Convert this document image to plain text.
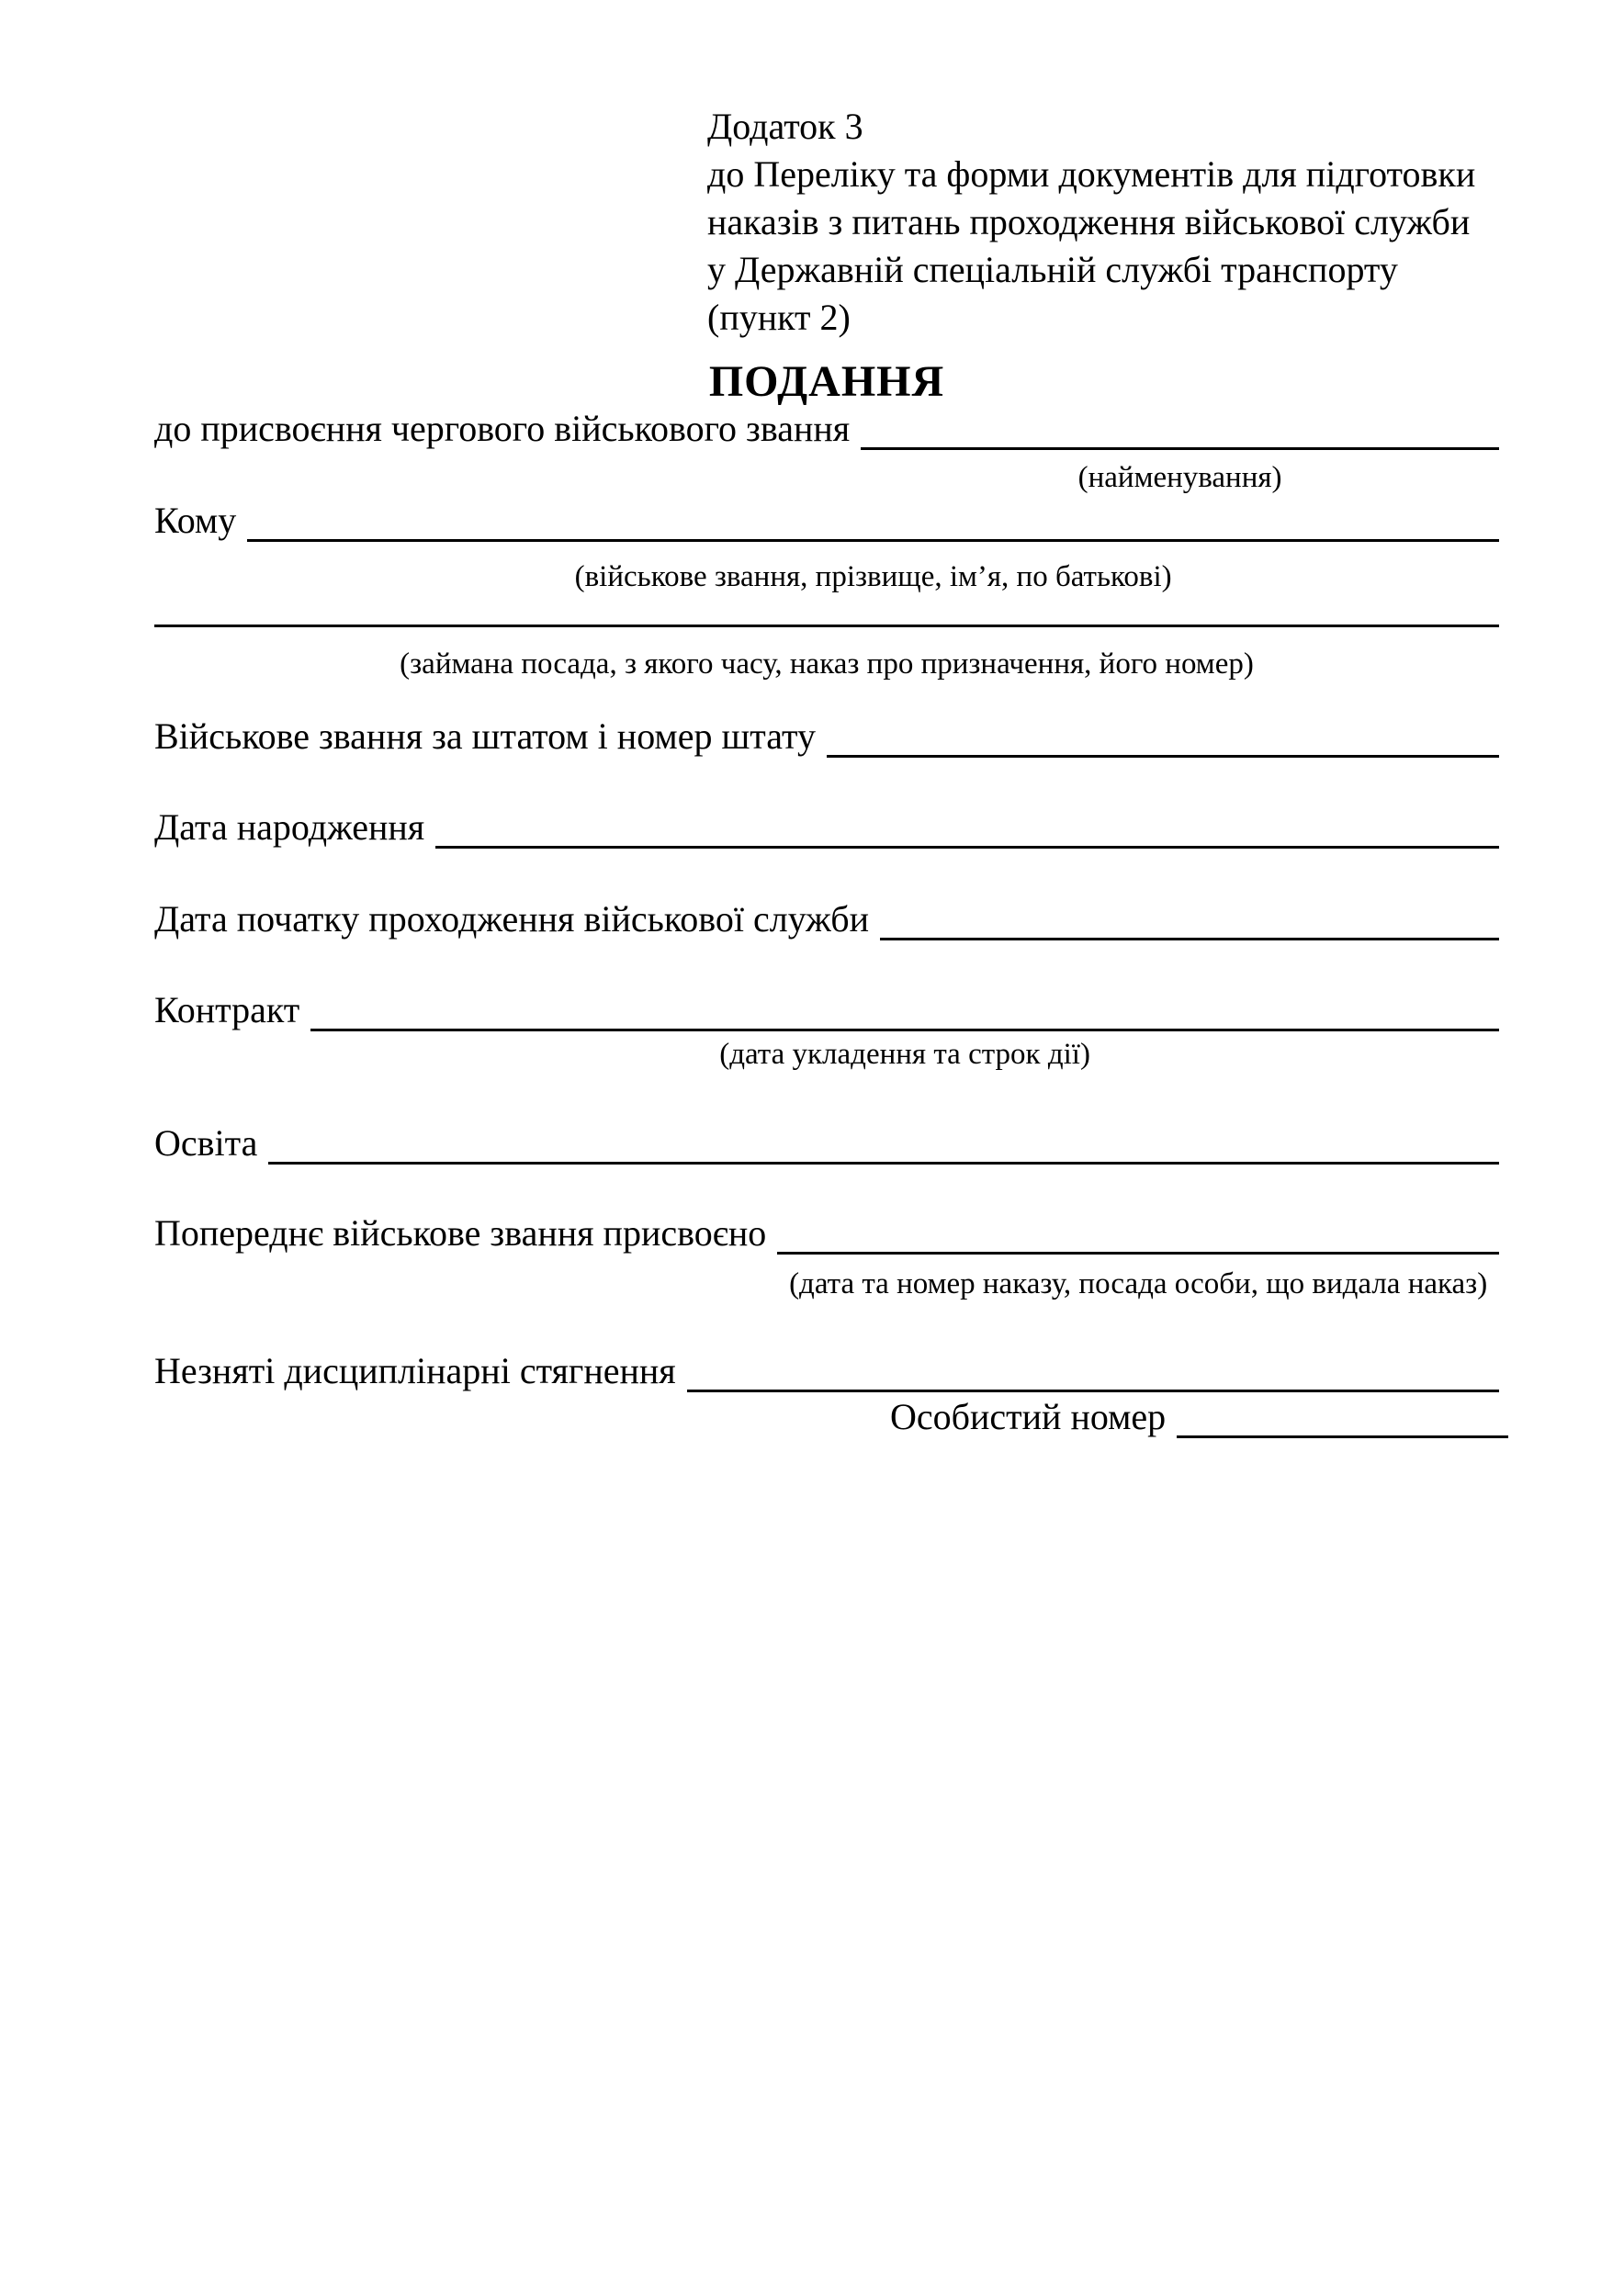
Додаток 3
до Переліку та форми документів для підготовки
наказів з питань проходження військової служби
у Державній спеціальній службі транспорту
(пункт 2)
ПОДАННЯ
до присвоєння чергового військового звання
(найменування)
Кому
(військове звання, прізвище, ім’я, по батькові)
(займана посада, з якого часу, наказ про призначення, його номер)
Військове звання за штатом і номер штату
Дата народження
Дата початку проходження військової служби
Контракт
(дата укладення та строк дії)
Освіта
Попереднє військове звання присвоєно
(дата та номер наказу, посада особи, що видала наказ)
Незняті дисциплінарні стягнення
Особистий номер
